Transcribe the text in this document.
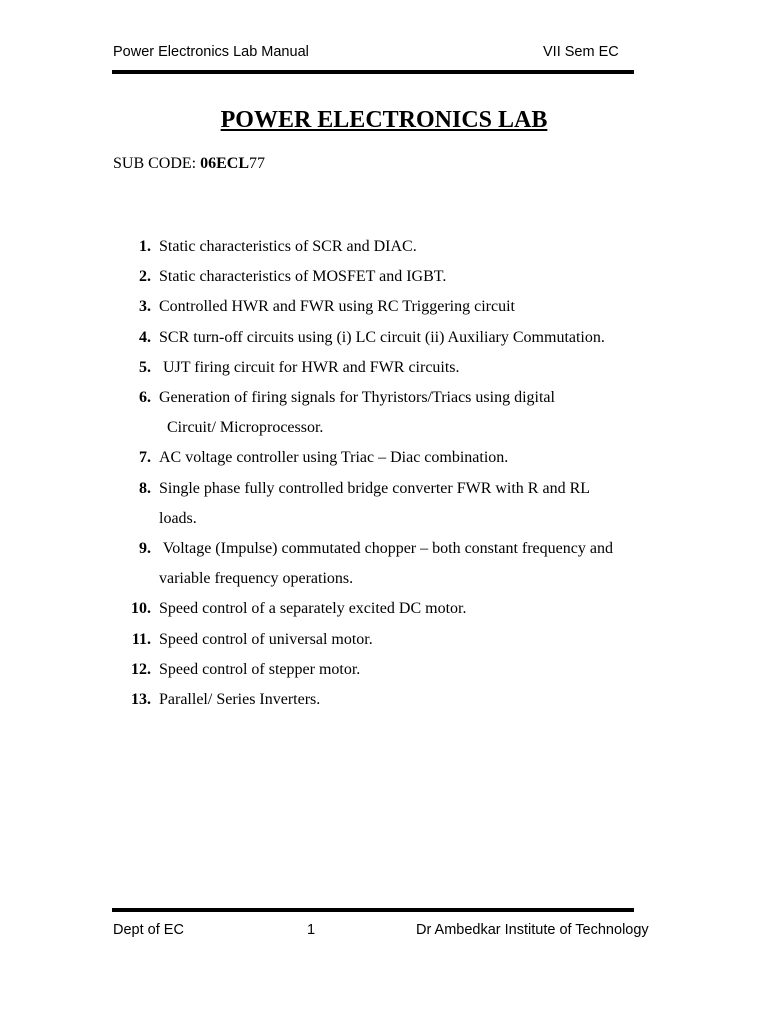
Power Electronics Lab Manual	VII Sem EC
POWER ELECTRONICS LAB
SUB CODE: 06ECL77
1. Static characteristics of SCR and DIAC.
2. Static characteristics of MOSFET and IGBT.
3. Controlled HWR and FWR using RC Triggering circuit
4. SCR turn-off circuits using (i) LC circuit (ii) Auxiliary Commutation.
5. UJT firing circuit for HWR and FWR circuits.
6. Generation of firing signals for Thyristors/Triacs using digital
Circuit/ Microprocessor.
7. AC voltage controller using Triac – Diac combination.
8. Single phase fully controlled bridge converter FWR with R and RL
loads.
9. Voltage (Impulse) commutated chopper – both constant frequency and
variable frequency operations.
10. Speed control of a separately excited DC motor.
11. Speed control of universal motor.
12. Speed control of stepper motor.
13. Parallel/ Series Inverters.
Dept of EC	1	Dr Ambedkar Institute of Technology
